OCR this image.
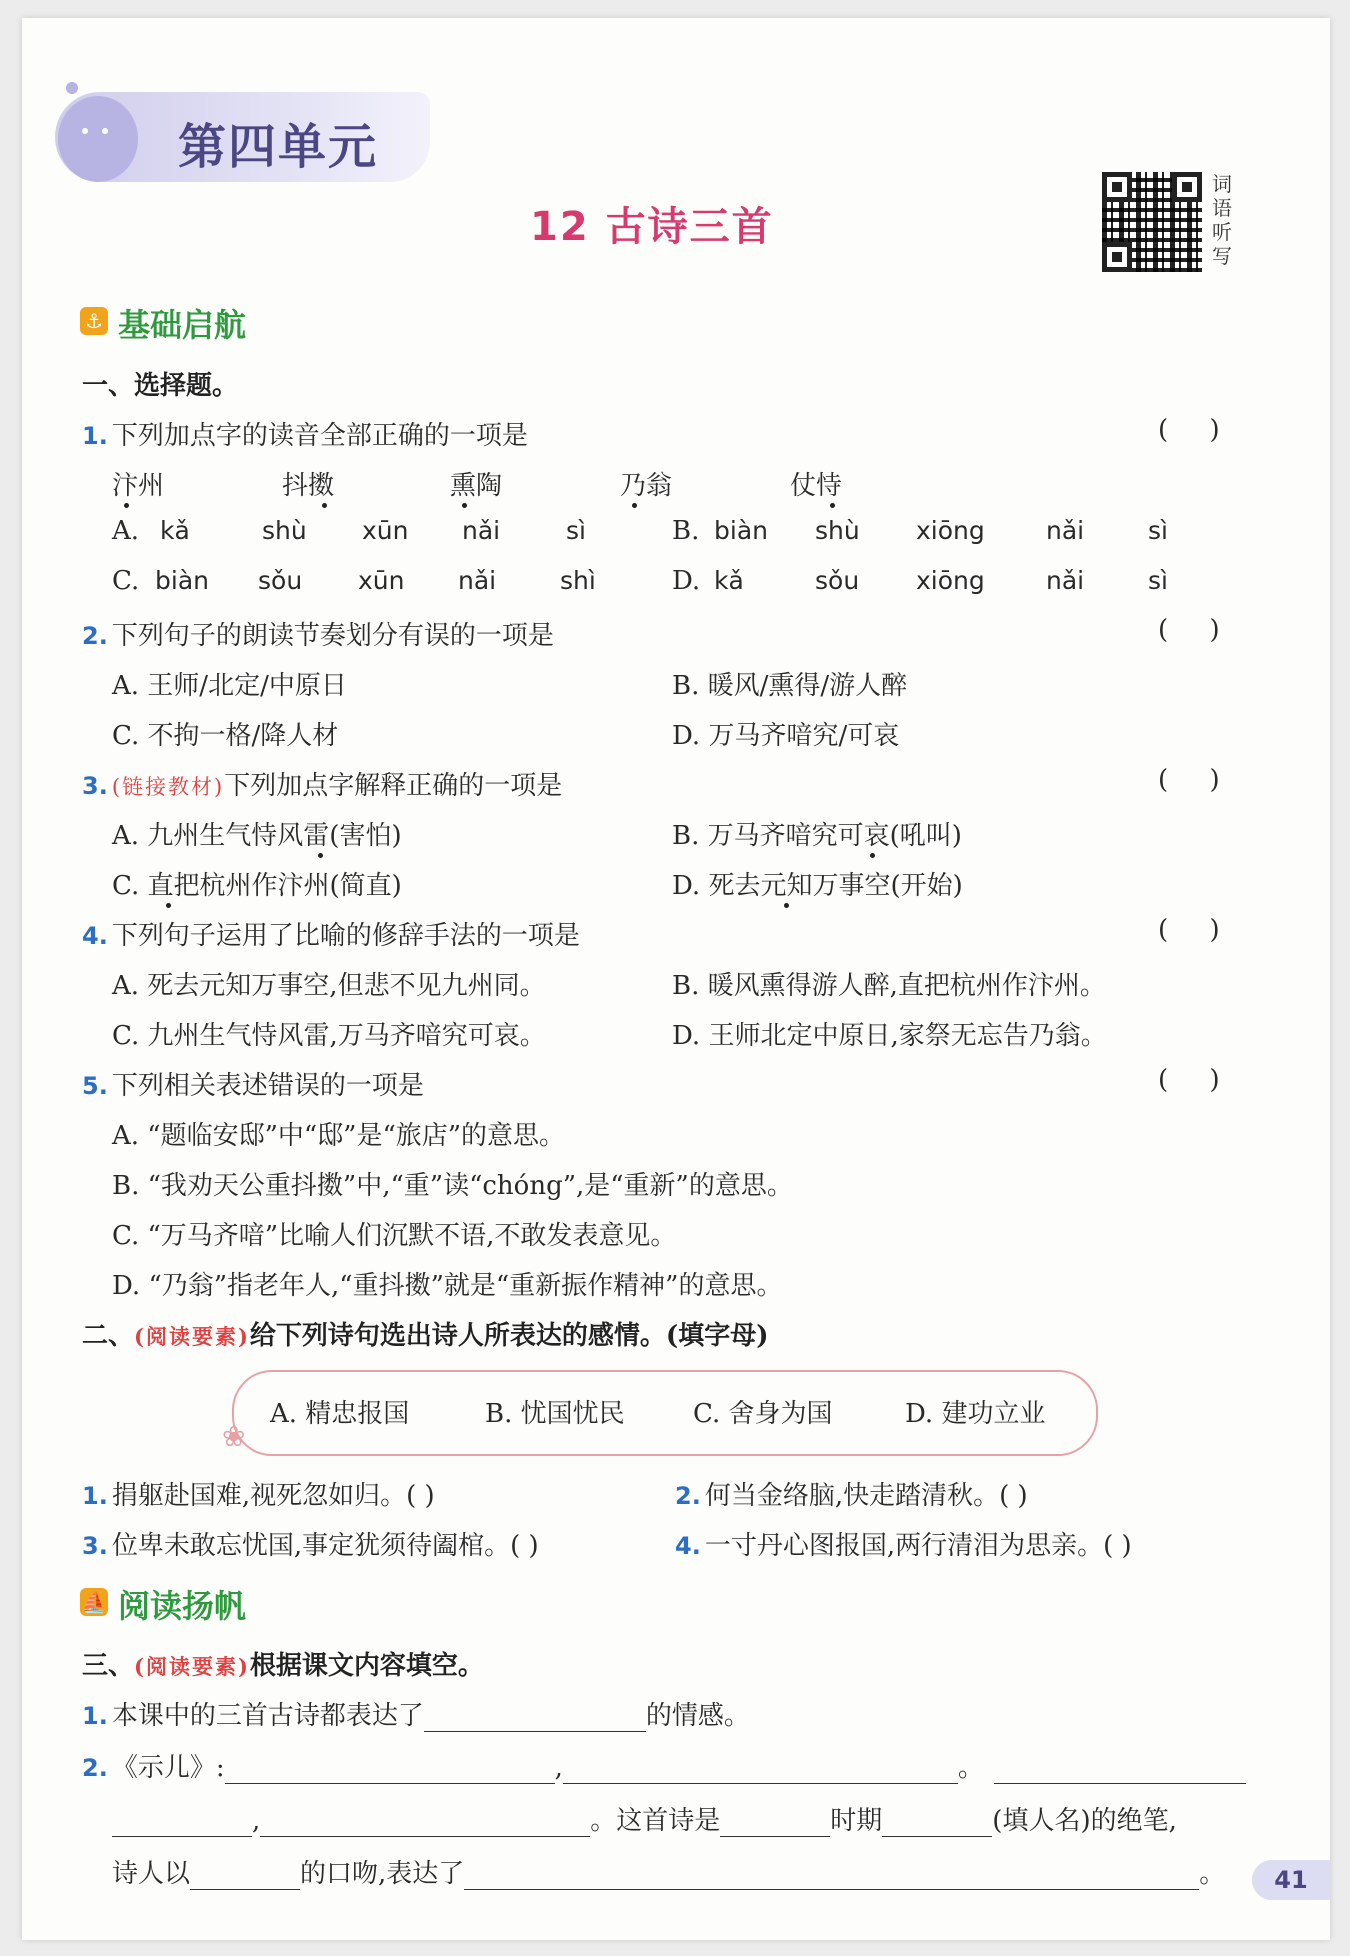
第四单元
12 古诗三首
词语听写
⚓ 基础启航
一、选择题。
1. 下列加点字的读音全部正确的一项是	(     )
汴州	抖擞	熏陶	乃翁	仗恃
A. kǎ	shù xūn nǎi	sì	B. biàn shù xiōng nǎi	sì
C. biàn sǒu xūn nǎi	shì	D. kǎ	sǒu xiōng nǎi	sì
2. 下列句子的朗读节奏划分有误的一项是	(     )
A. 王师/北定/中原日	B. 暖风/熏得/游人醉
C. 不拘一格/降人材	D. 万马齐喑究/可哀
3. (链接教材)下列加点字解释正确的一项是	(     )
A. 九州生气恃风雷(害怕)	B. 万马齐喑究可哀(吼叫)
C. 直把杭州作汴州(简直)	D. 死去元知万事空(开始)
4. 下列句子运用了比喻的修辞手法的一项是	(     )
A. 死去元知万事空,但悲不见九州同。	B. 暖风熏得游人醉,直把杭州作汴州。
C. 九州生气恃风雷,万马齐喑究可哀。	D. 王师北定中原日,家祭无忘告乃翁。
5. 下列相关表述错误的一项是	(     )
A. “题临安邸”中“邸”是“旅店”的意思。
B. “我劝天公重抖擞”中,“重”读“chóng”,是“重新”的意思。
C. “万马齐喑”比喻人们沉默不语,不敢发表意见。
D. “乃翁”指老年人,“重抖擞”就是“重新振作精神”的意思。
二、(阅读要素)给下列诗句选出诗人所表达的感情。(填字母)
❀
A. 精忠报国	B. 忧国忧民	C. 舍身为国	D. 建功立业
1. 捐躯赴国难,视死忽如归。( )	2. 何当金络脑,快走踏清秋。( )
3. 位卑未敢忘忧国,事定犹须待阖棺。( )	4. 一寸丹心图报国,两行清泪为思亲。( )
⛵ 阅读扬帆
三、(阅读要素)根据课文内容填空。
1. 本课中的三首古诗都表达了	的情感。
2. 《示儿》:	,	。
,	。这首诗是	时期	(填人名)的绝笔,
诗人以	的口吻,表达了	。	41
